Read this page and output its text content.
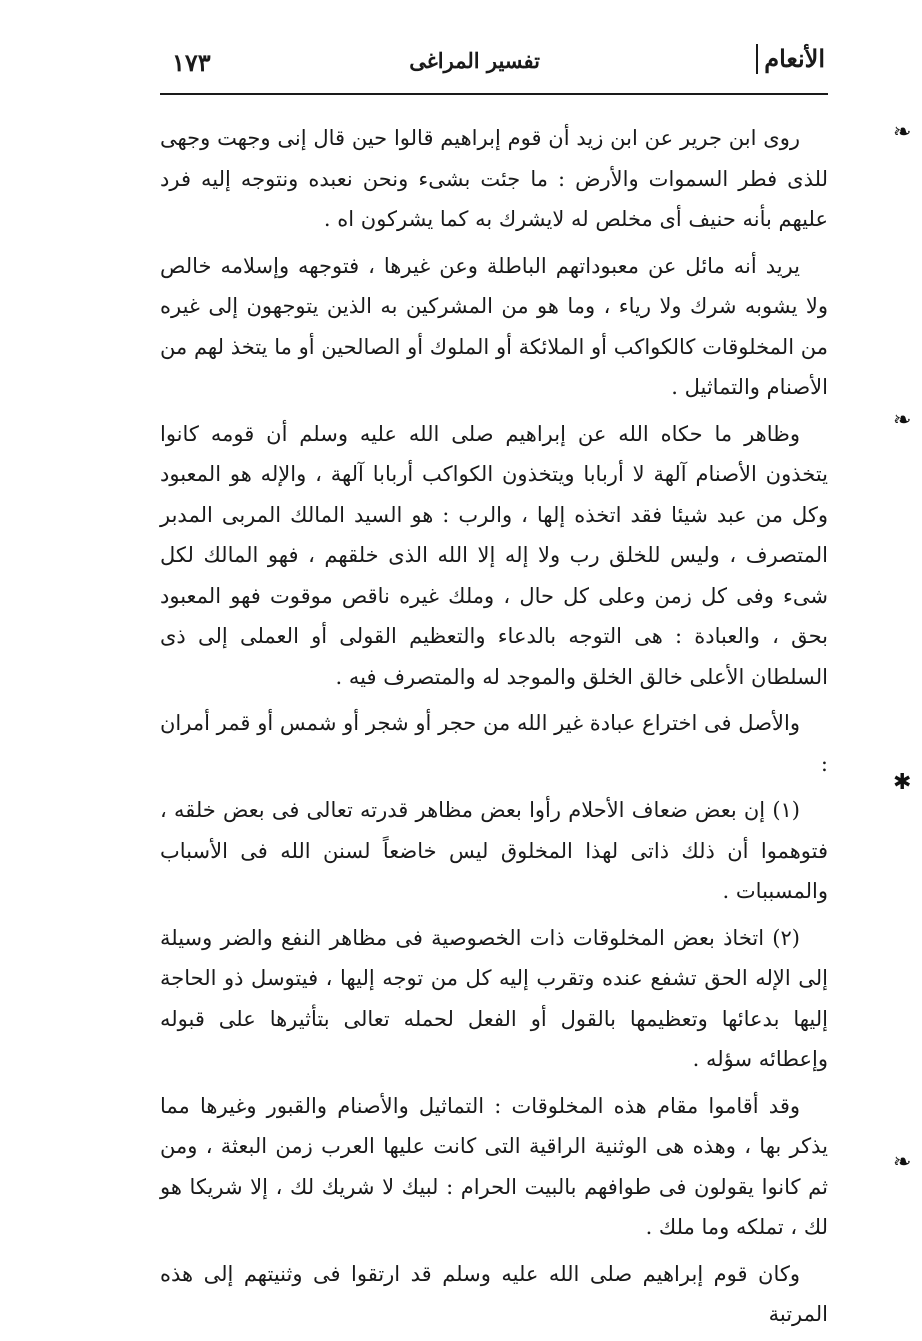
الأنعام
تفسير المراغى
١٧٣
❧
❧
✱
❧

روى ابن جرير عن ابن زيد أن قوم إبراهيم قالوا حين قال إنى وجهت وجهى للذى فطر السموات والأرض : ما جئت بشىء ونحن نعبده ونتوجه إليه فرد عليهم بأنه حنيف أى مخلص له لايشرك به كما يشركون اه .

يريد أنه مائل عن معبوداتهم الباطلة وعن غيرها ، فتوجهه وإسلامه خالص ولا يشوبه شرك ولا رياء ، وما هو من المشركين به الذين يتوجهون إلى غيره من المخلوقات كالكواكب أو الملائكة أو الملوك أو الصالحين أو ما يتخذ لهم من الأصنام والتماثيل .

وظاهر ما حكاه الله عن إبراهيم صلى الله عليه وسلم أن قومه كانوا يتخذون الأصنام آلهة لا أربابا ويتخذون الكواكب أربابا آلهة ، والإله هو المعبود وكل من عبد شيئا فقد اتخذه إلها ، والرب : هو السيد المالك المربى المدبر المتصرف ، وليس للخلق رب ولا إله إلا الله الذى خلقهم ، فهو المالك لكل شىء وفى كل زمن وعلى كل حال ، وملك غيره ناقص موقوت فهو المعبود بحق ، والعبادة : هى التوجه بالدعاء والتعظيم القولى أو العملى إلى ذى السلطان الأعلى خالق الخلق والموجد له والمتصرف فيه .

والأصل فى اختراع عبادة غير الله من حجر أو شجر أو شمس أو قمر أمران :

(١) إن بعض ضعاف الأحلام رأوا بعض مظاهر قدرته تعالى فى بعض خلقه ، فتوهموا أن ذلك ذاتى لهذا المخلوق ليس خاضعاً لسنن الله فى الأسباب والمسببات .

(٢) اتخاذ بعض المخلوقات ذات الخصوصية فى مظاهر النفع والضر وسيلة إلى الإله الحق تشفع عنده وتقرب إليه كل من توجه إليها ، فيتوسل ذو الحاجة إليها بدعائها وتعظيمها بالقول أو الفعل لحمله تعالى بتأثيرها على قبوله وإعطائه سؤله .

وقد أقاموا مقام هذه المخلوقات : التماثيل والأصنام والقبور وغيرها مما يذكر بها ، وهذه هى الوثنية الراقية التى كانت عليها العرب زمن البعثة ، ومن ثم كانوا يقولون فى طوافهم بالبيت الحرام : لبيك لا شريك لك ، إلا شريكا هو لك ، تملكه وما ملك .

وكان قوم إبراهيم صلى الله عليه وسلم قد ارتقوا فى وثنيتهم إلى هذه المرتبة
